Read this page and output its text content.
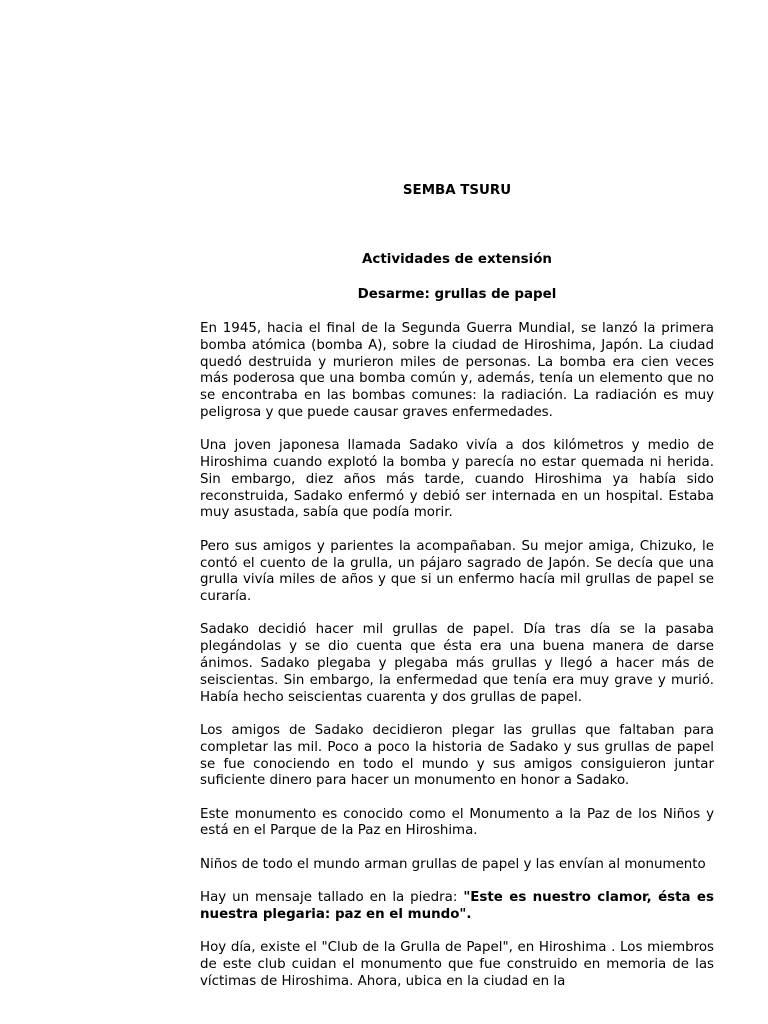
SEMBA TSURU
Actividades de extensión
Desarme: grullas de papel

En 1945, hacia el final de la Segunda Guerra Mundial, se lanzó la primera bomba atómica (bomba A), sobre la ciudad de Hiroshima, Japón. La ciudad quedó destruida y murieron miles de personas. La bomba era cien veces más poderosa que una bomba común y, además, tenía un elemento que no se encontraba en las bombas comunes: la radiación. La radiación es muy peligrosa y que puede causar graves enfermedades.

Una joven japonesa llamada Sadako vivía a dos kilómetros y medio de Hiroshima cuando explotó la bomba y parecía no estar quemada ni herida. Sin embargo, diez años más tarde, cuando Hiroshima ya había sido reconstruida, Sadako enfermó y debió ser internada en un hospital. Estaba muy asustada, sabía que podía morir.

Pero sus amigos y parientes la acompañaban. Su mejor amiga, Chizuko, le contó el cuento de la grulla, un pájaro sagrado de Japón. Se decía que una grulla vivía miles de años y que si un enfermo hacía mil grullas de papel se curaría.

Sadako decidió hacer mil grullas de papel. Día tras día se la pasaba plegándolas y se dio cuenta que ésta era una buena manera de darse ánimos. Sadako plegaba y plegaba más grullas y llegó a hacer más de seiscientas. Sin embargo, la enfermedad que tenía era muy grave y murió. Había hecho seiscientas cuarenta y dos grullas de papel.

Los amigos de Sadako decidieron plegar las grullas que faltaban para completar las mil. Poco a poco la historia de Sadako y sus grullas de papel se fue conociendo en todo el mundo y sus amigos consiguieron juntar suficiente dinero para hacer un monumento en honor a Sadako.

Este monumento es conocido como el Monumento a la Paz de los Niños y está en el Parque de la Paz en Hiroshima.

Niños de todo el mundo arman grullas de papel y las envían al monumento

Hay un mensaje tallado en la piedra: "Este es nuestro clamor, ésta es nuestra plegaria: paz en el mundo".

Hoy día, existe el "Club de la Grulla de Papel", en Hiroshima . Los miembros de este club cuidan el monumento que fue construido en memoria de las víctimas de Hiroshima. Ahora, ubica en la ciudad en la
